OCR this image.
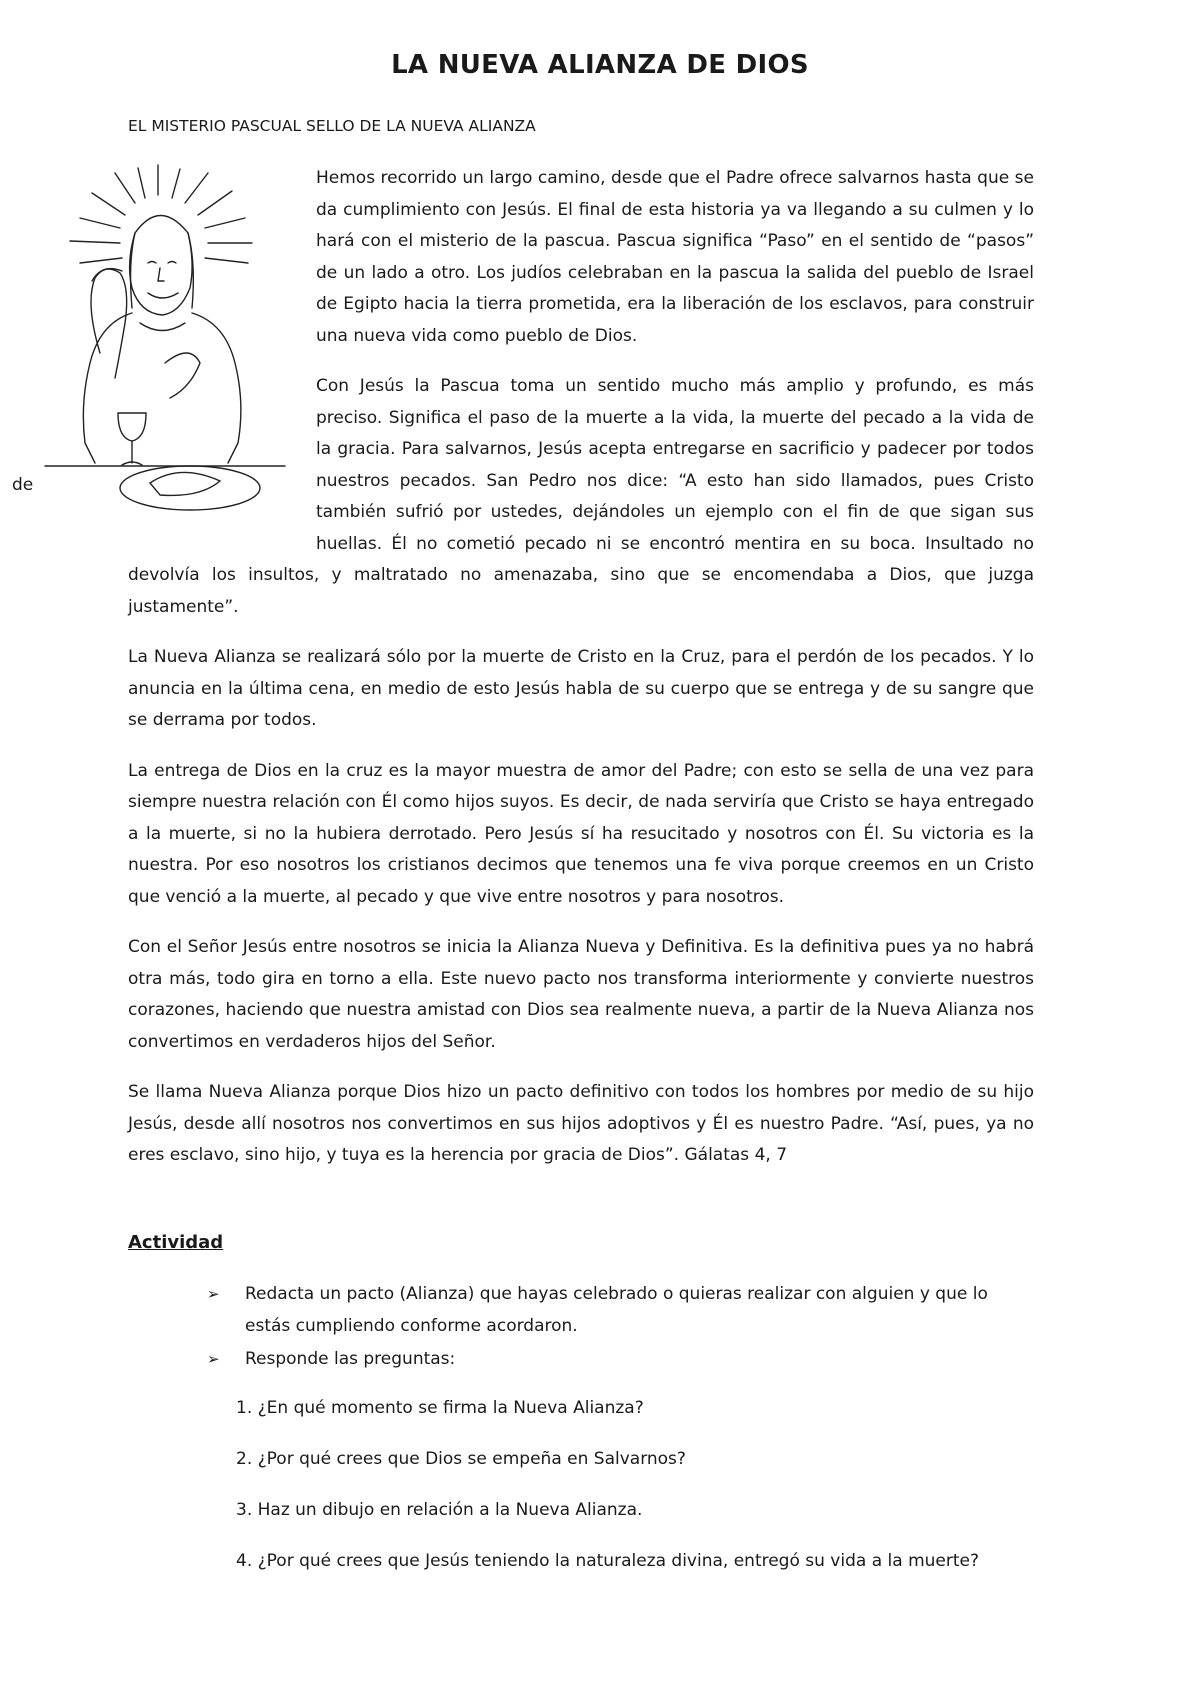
LA NUEVA ALIANZA DE DIOS
EL MISTERIO PASCUAL SELLO DE LA NUEVA ALIANZA
de

Hemos recorrido un largo camino, desde que el Padre ofrece salvarnos hasta que se da cumplimiento con Jesús. El final de esta historia ya va llegando a su culmen y lo hará con el misterio de la pascua. Pascua significa “Paso” en el sentido de “pasos” de un lado a otro. Los judíos celebraban en la pascua la salida del pueblo de Israel de Egipto hacia la tierra prometida, era la liberación de los esclavos, para construir una nueva vida como pueblo de Dios.

Con Jesús la Pascua toma un sentido mucho más amplio y profundo, es más preciso. Significa el paso de la muerte a la vida, la muerte del pecado a la vida de la gracia. Para salvarnos, Jesús acepta entregarse en sacrificio y padecer por todos nuestros pecados. San Pedro nos dice: “A esto han sido llamados, pues Cristo también sufrió por ustedes, dejándoles un ejemplo con el fin de que sigan sus huellas. Él no cometió pecado ni se encontró mentira en su boca. Insultado no devolvía los insultos, y maltratado no amenazaba, sino que se encomendaba a Dios, que juzga justamente”.

La Nueva Alianza se realizará sólo por la muerte de Cristo en la Cruz, para el perdón de los pecados. Y lo anuncia en la última cena, en medio de esto Jesús habla de su cuerpo que se entrega y de su sangre que se derrama por todos.

La entrega de Dios en la cruz es la mayor muestra de amor del Padre; con esto se sella de una vez para siempre nuestra relación con Él como hijos suyos. Es decir, de nada serviría que Cristo se haya entregado a la muerte, si no la hubiera derrotado. Pero Jesús sí ha resucitado y nosotros con Él. Su victoria es la nuestra. Por eso nosotros los cristianos decimos que tenemos una fe viva porque creemos en un Cristo que venció a la muerte, al pecado y que vive entre nosotros y para nosotros.

Con el Señor Jesús entre nosotros se inicia la Alianza Nueva y Definitiva. Es la definitiva pues ya no habrá otra más, todo gira en torno a ella. Este nuevo pacto nos transforma interiormente y convierte nuestros corazones, haciendo que nuestra amistad con Dios sea realmente nueva, a partir de la Nueva Alianza nos convertimos en verdaderos hijos del Señor.

Se llama Nueva Alianza porque Dios hizo un pacto definitivo con todos los hombres por medio de su hijo Jesús, desde allí nosotros nos convertimos en sus hijos adoptivos y Él es nuestro Padre. “Así, pues, ya no eres esclavo, sino hijo, y tuya es la herencia por gracia de Dios”. Gálatas 4, 7

Actividad
➢ Redacta un pacto (Alianza) que hayas celebrado o quieras realizar con alguien y que lo estás cumpliendo conforme acordaron.
➢ Responde las preguntas:
1. ¿En qué momento se firma la Nueva Alianza?
2. ¿Por qué crees que Dios se empeña en Salvarnos?
3. Haz un dibujo en relación a la Nueva Alianza.
4. ¿Por qué crees que Jesús teniendo la naturaleza divina, entregó su vida a la muerte?
